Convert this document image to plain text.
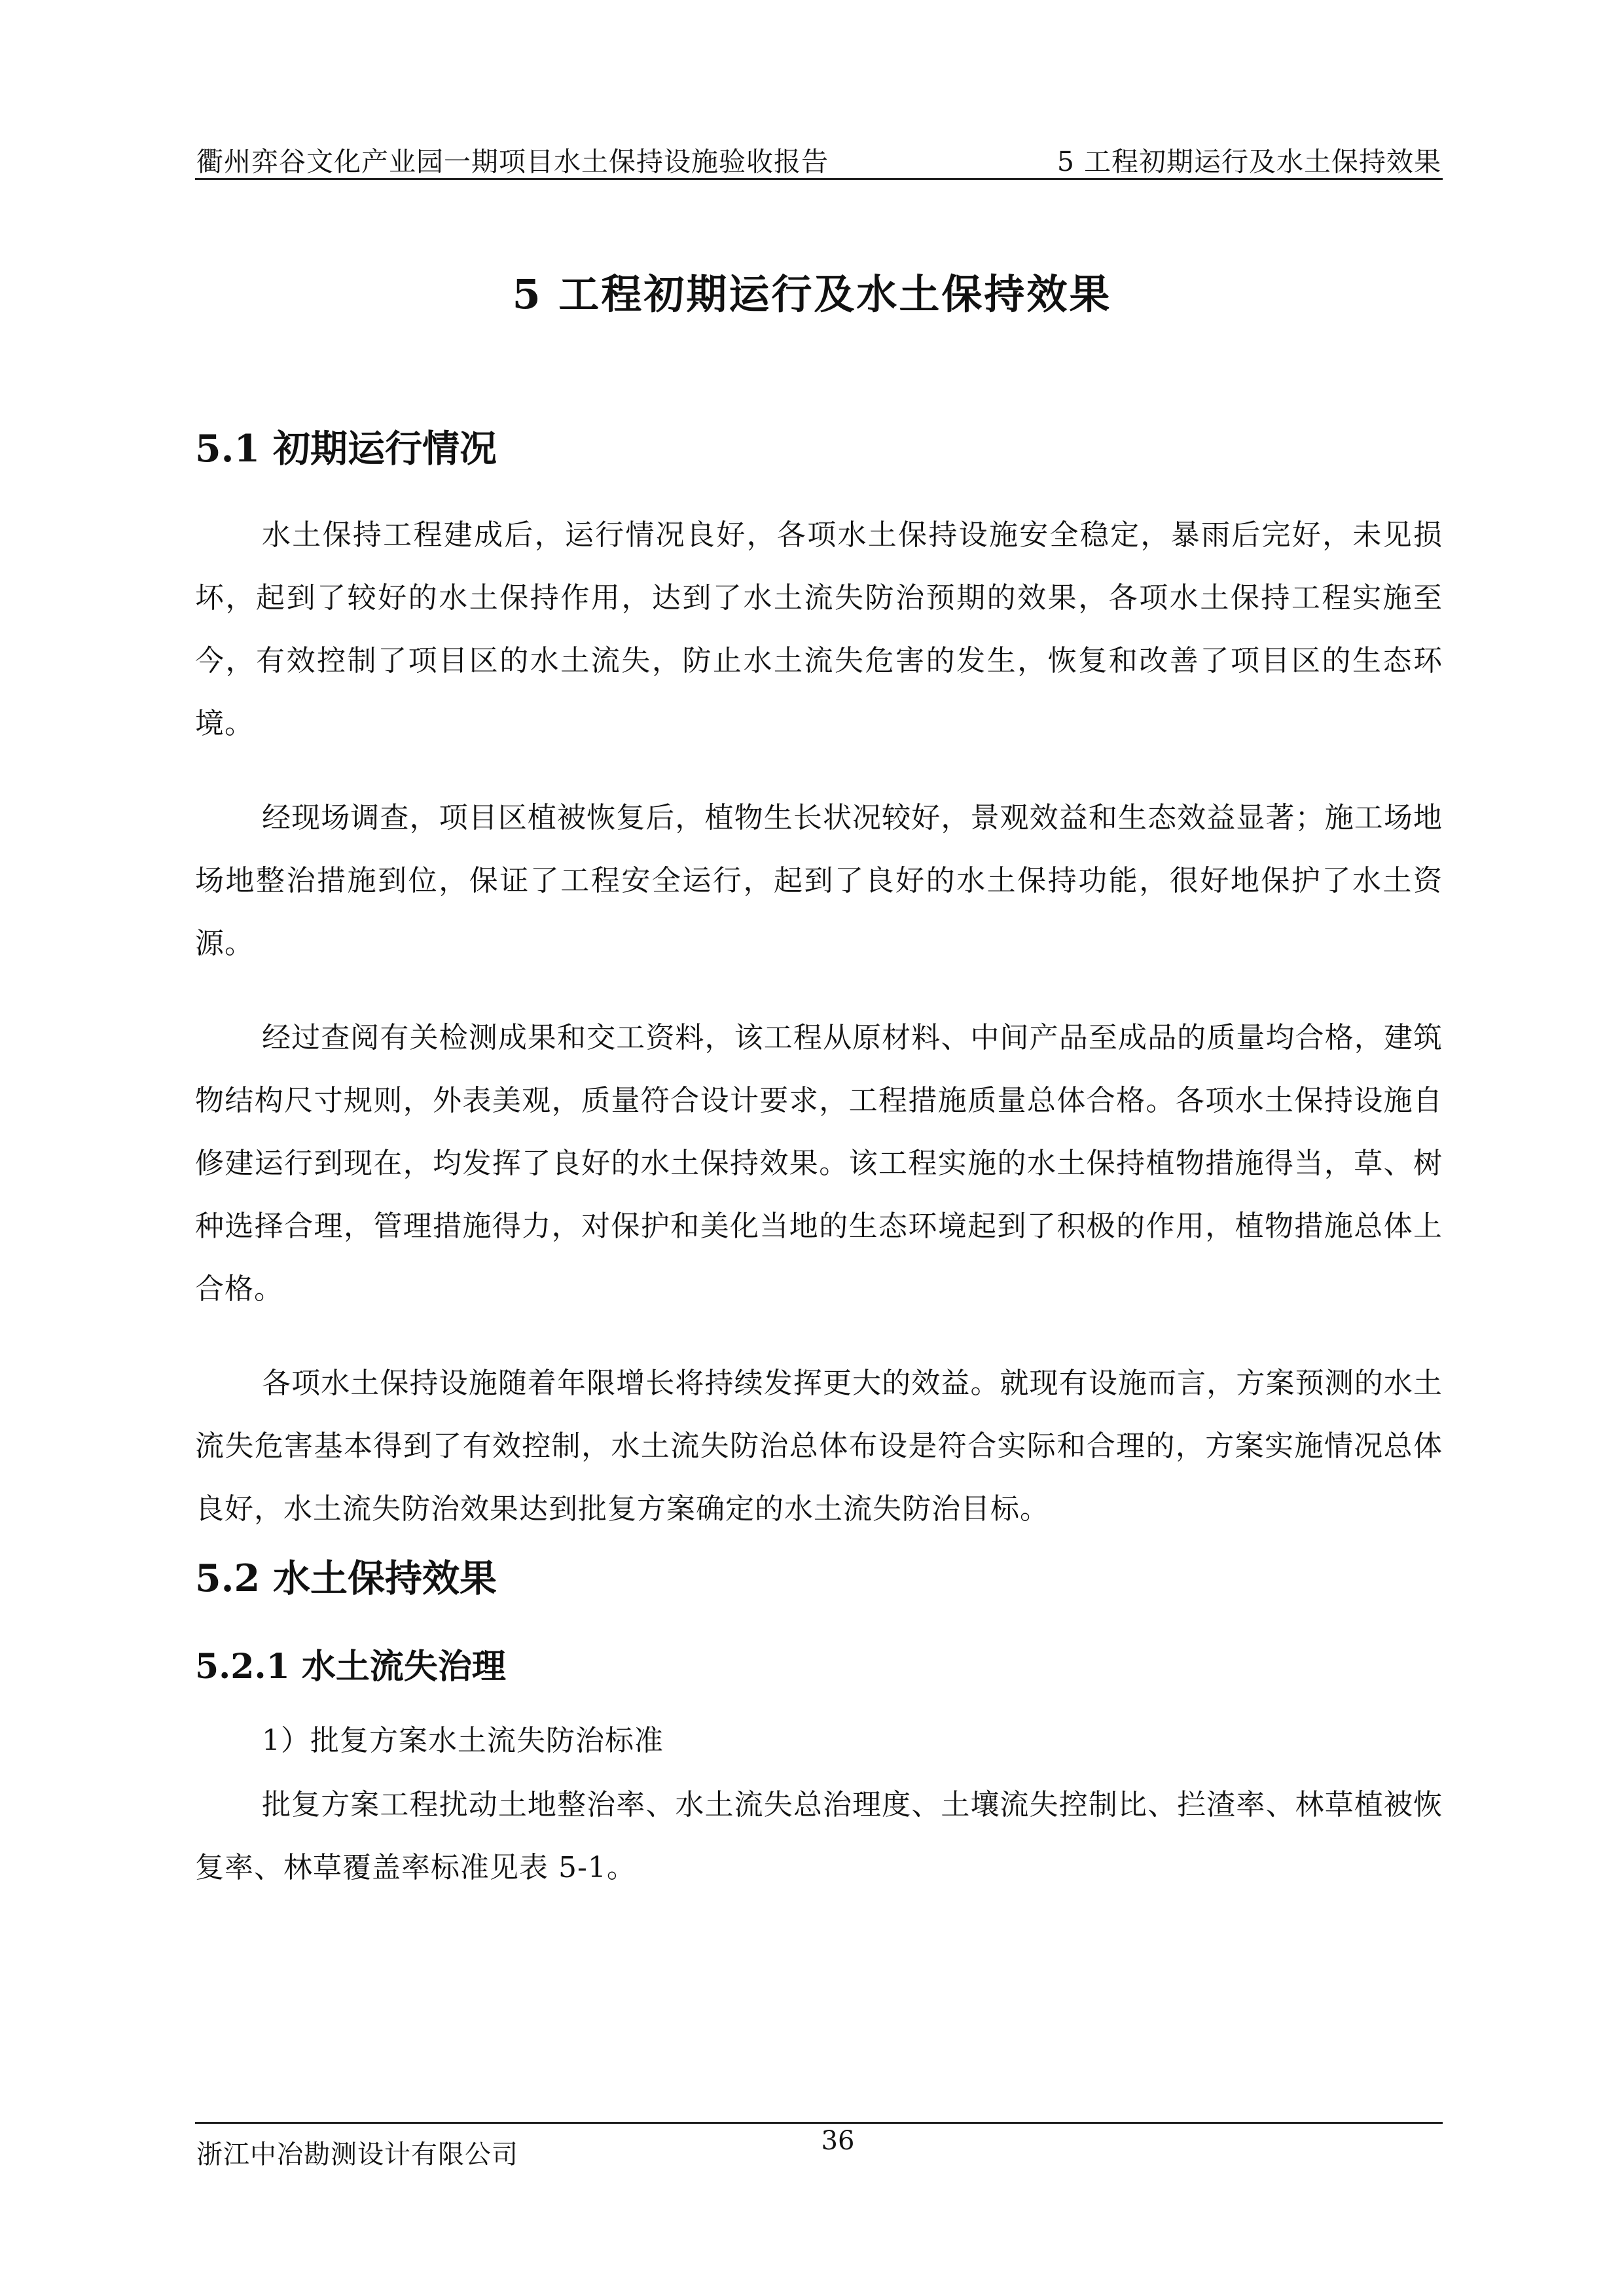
衢州弈谷文化产业园一期项目水土保持设施验收报告	5 工程初期运行及水土保持效果
5 工程初期运行及水土保持效果
5.1 初期运行情况
水土保持工程建成后，运行情况良好，各项水土保持设施安全稳定，暴雨后完好，未见损坏，起到了较好的水土保持作用，达到了水土流失防治预期的效果，各项水土保持工程实施至今，有效控制了项目区的水土流失，防止水土流失危害的发生，恢复和改善了项目区的生态环境。
经现场调查，项目区植被恢复后，植物生长状况较好，景观效益和生态效益显著；施工场地场地整治措施到位，保证了工程安全运行，起到了良好的水土保持功能，很好地保护了水土资源。
经过查阅有关检测成果和交工资料，该工程从原材料、中间产品至成品的质量均合格，建筑物结构尺寸规则，外表美观，质量符合设计要求，工程措施质量总体合格。各项水土保持设施自修建运行到现在，均发挥了良好的水土保持效果。该工程实施的水土保持植物措施得当，草、树种选择合理，管理措施得力，对保护和美化当地的生态环境起到了积极的作用，植物措施总体上合格。
各项水土保持设施随着年限增长将持续发挥更大的效益。就现有设施而言，方案预测的水土流失危害基本得到了有效控制，水土流失防治总体布设是符合实际和合理的，方案实施情况总体良好，水土流失防治效果达到批复方案确定的水土流失防治目标。
5.2 水土保持效果
5.2.1 水土流失治理
1）批复方案水土流失防治标准
批复方案工程扰动土地整治率、水土流失总治理度、土壤流失控制比、拦渣率、林草植被恢复率、林草覆盖率标准见表 5-1。
浙江中冶勘测设计有限公司	36
